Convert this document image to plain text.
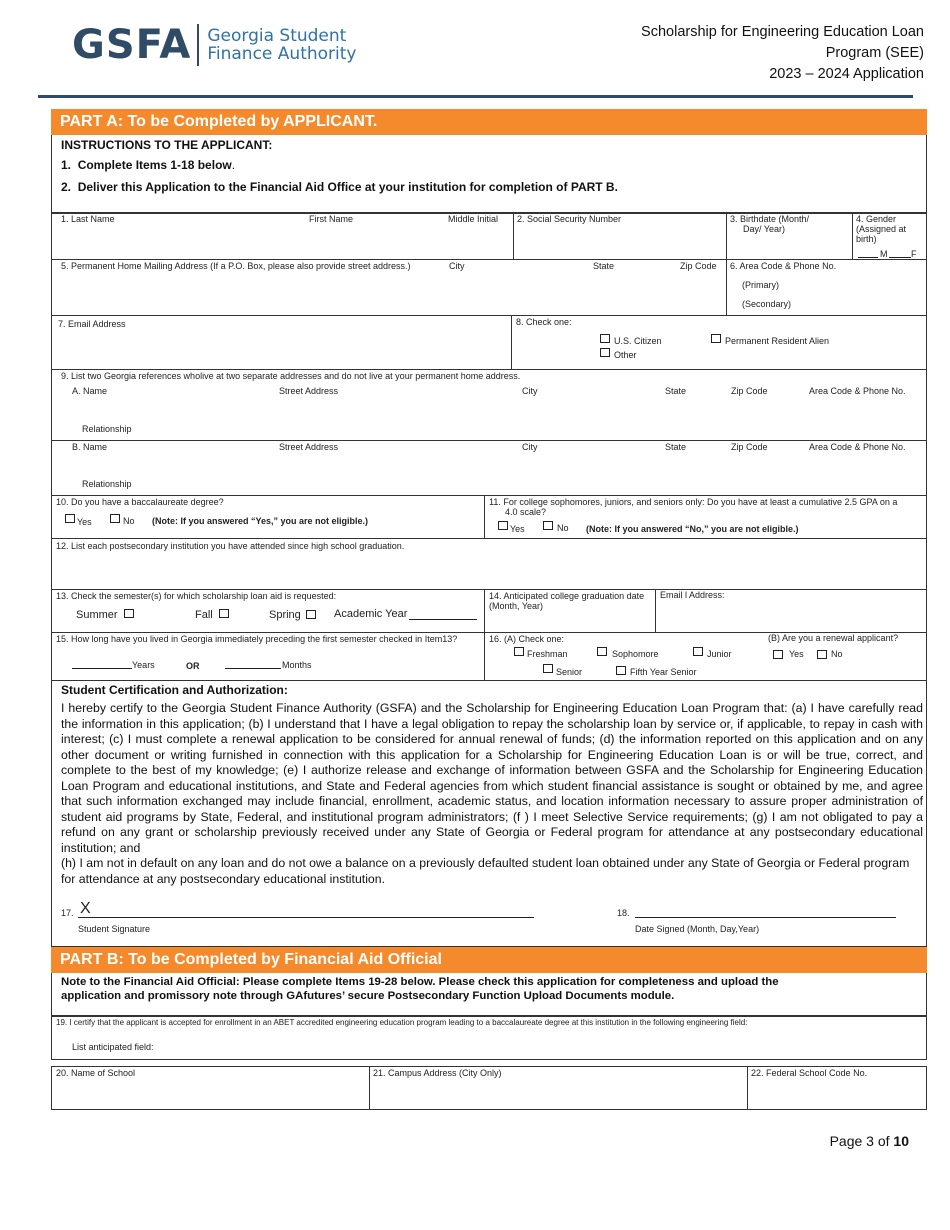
GSFA Georgia Student
Finance Authority
Scholarship for Engineering Education Loan
Program (SEE)
2023 – 2024 Application
PART A: To be Completed by APPLICANT.
INSTRUCTIONS TO THE APPLICANT:
1. Complete Items 1-18 below.
2. Deliver this Application to the Financial Aid Office at your institution for completion of PART B.
1. Last Name	First Name	Middle Initial 2. Social Security Number	3. Birthdate (Month/
Day/ Year)
4. Gender
(Assigned at
birth)
M	F
5. Permanent Home Mailing Address (If a P.O. Box, please also provide street address.)	City	State	Zip Code 6. Area Code & Phone No.
(Primary)
(Secondary)
7. Email Address	8. Check one:
U.S. Citizen	Permanent Resident Alien
Other
9. List two Georgia references wholive at two separate addresses and do not live at your permanent home address.
A. Name	Street Address	City	State	Zip Code	Area Code & Phone No.
Relationship
B. Name	Street Address	City	State	Zip Code	Area Code & Phone No.
Relationship
10. Do you have a baccalaureate degree?
Yes	No (Note: If you answered “Yes,” you are not eligible.)
11. For college sophomores, juniors, and seniors only: Do you have at least a cumulative 2.5 GPA on a
4.0 scale?
Yes	No (Note: If you answered “No,” you are not eligible.)
12. List each postsecondary institution you have attended since high school graduation.
13. Check the semester(s) for which scholarship loan aid is requested:
Summer	Fall	Spring	Academic Year
14. Anticipated college graduation date
(Month, Year)
Email l Address:
15. How long have you lived in Georgia immediately preceding the first semester checked in Item13?
Years	OR	Months
16. (A) Check one:
Freshman	Sophomore	Junior
Senior	Fifth Year Senior
(B) Are you a renewal applicant?
Yes	No
Student Certification and Authorization:

I hereby certify to the Georgia Student Finance Authority (GSFA) and the Scholarship for Engineering Education Loan Program that: (a) I have carefully read the information in this application; (b) I understand that I have a legal obligation to repay the scholarship loan by service or, if applicable, to repay in cash with interest; (c) I must complete a renewal application to be considered for annual renewal of funds; (d) the information reported on this application and on any other document or writing furnished in connection with this application for a Scholarship for Engineering Education Loan is or will be true, correct, and complete to the best of my knowledge; (e) I authorize release and exchange of information between GSFA and the Scholarship for Engineering Education Loan Program and educational institutions, and State and Federal agencies from which student financial assistance is sought or obtained by me, and agree that such information exchanged may include financial, enrollment, academic status, and location information necessary to assure proper administration of student aid programs by State, Federal, and institutional program administrators; (f ) I meet Selective Service requirements; (g) I am not obligated to pay a refund on any grant or scholarship previously received under any State of Georgia or Federal program for attendance at any postsecondary educational institution; and

(h) I am not in default on any loan and do not owe a balance on a previously defaulted student loan obtained under any State of Georgia or Federal program

for attendance at any postsecondary educational institution.

17. X
Student Signature
18.
Date Signed (Month, Day,Year)
PART B: To be Completed by Financial Aid Official
Note to the Financial Aid Official: Please complete Items 19-28 below. Please check this application for completeness and upload the
application and promissory note through GAfutures’ secure Postsecondary Function Upload Documents module.
19. I certify that the applicant is accepted for enrollment in an ABET accredited engineering education program leading to a baccalaureate degree at this institution in the following engineering field:
List anticipated field:
20. Name of School	21. Campus Address (City Only)	22. Federal School Code No.
Page 3 of 10
